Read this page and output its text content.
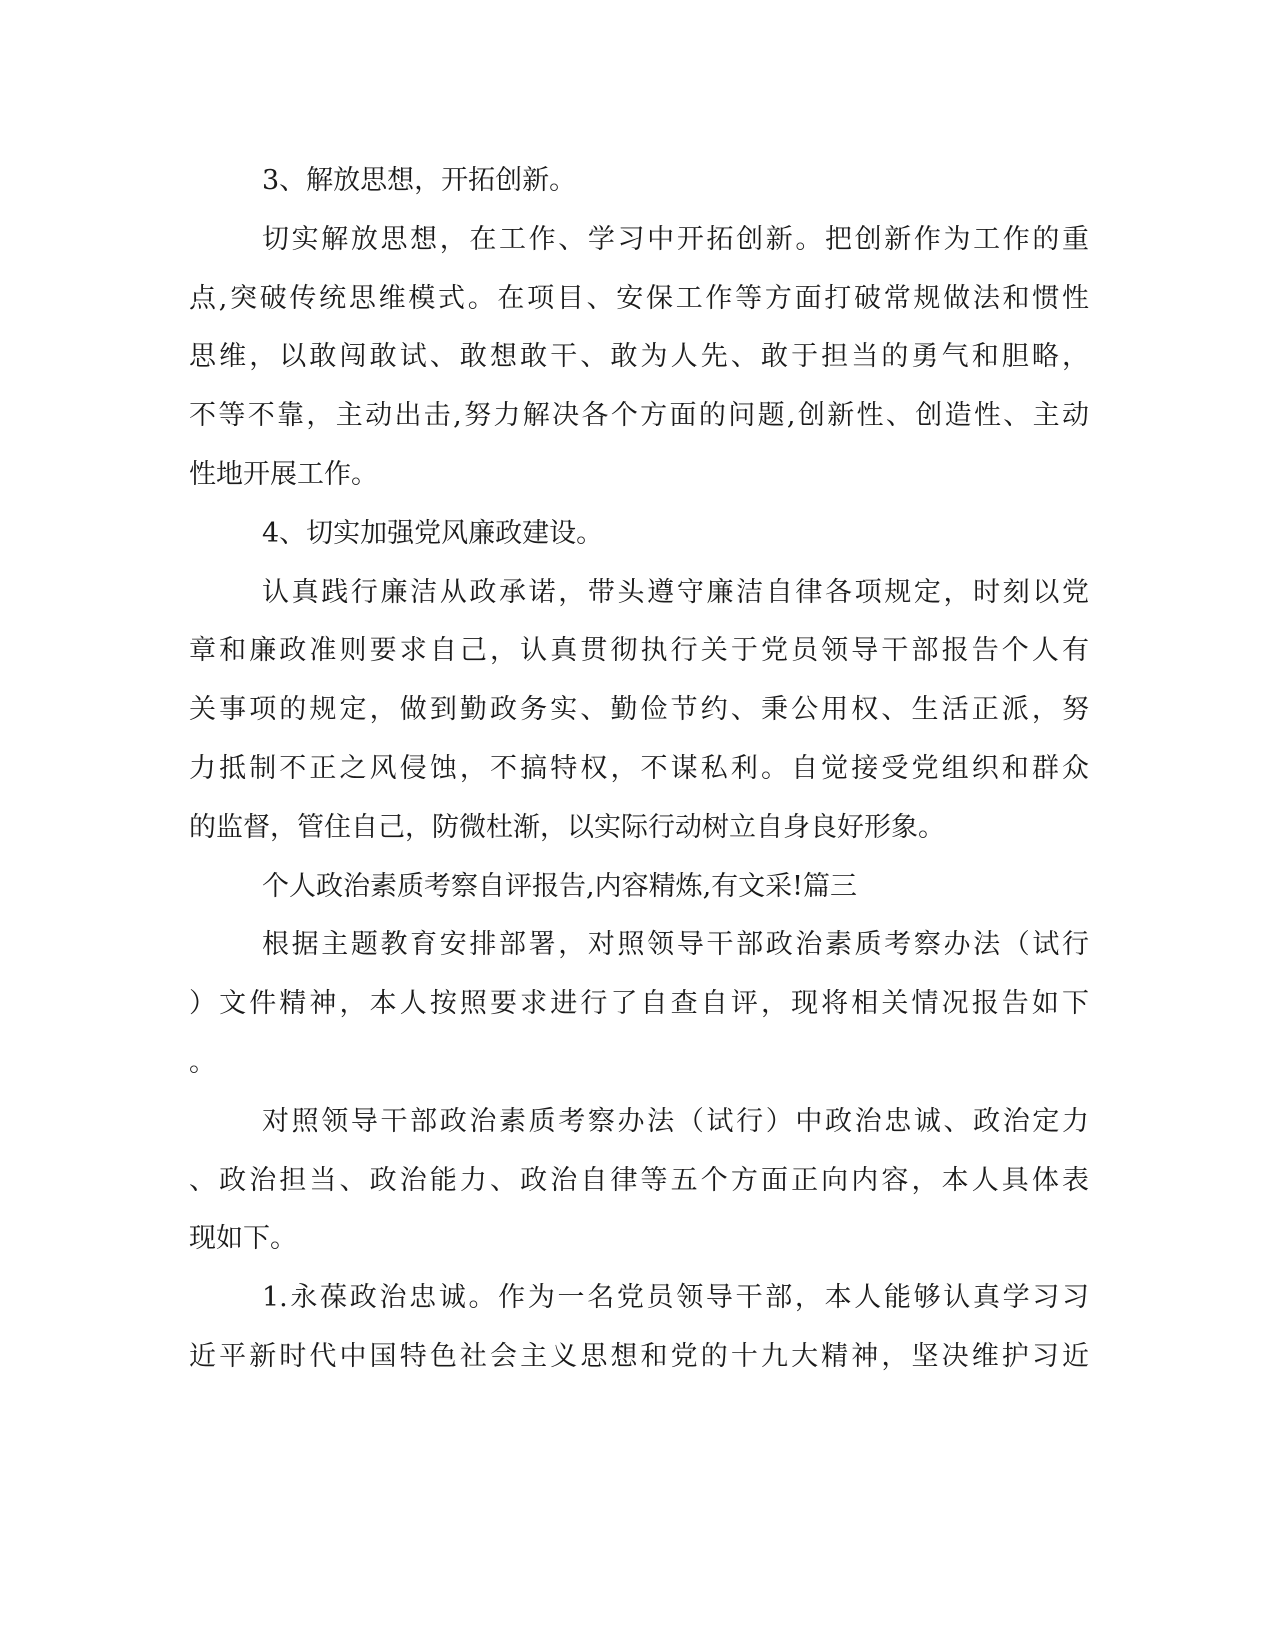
3、解放思想，开拓创新。
切实解放思想，在工作、学习中开拓创新。把创新作为工作的重
点,突破传统思维模式。在项目、安保工作等方面打破常规做法和惯性
思维，以敢闯敢试、敢想敢干、敢为人先、敢于担当的勇气和胆略，
不等不靠，主动出击,努力解决各个方面的问题,创新性、创造性、主动
性地开展工作。
4、切实加强党风廉政建设。
认真践行廉洁从政承诺，带头遵守廉洁自律各项规定，时刻以党
章和廉政准则要求自己，认真贯彻执行关于党员领导干部报告个人有
关事项的规定，做到勤政务实、勤俭节约、秉公用权、生活正派，努
力抵制不正之风侵蚀，不搞特权，不谋私利。自觉接受党组织和群众
的监督，管住自己，防微杜渐，以实际行动树立自身良好形象。
个人政治素质考察自评报告,内容精炼,有文采!篇三
根据主题教育安排部署，对照领导干部政治素质考察办法（试行
）文件精神，本人按照要求进行了自查自评，现将相关情况报告如下
。
对照领导干部政治素质考察办法（试行）中政治忠诚、政治定力
、政治担当、政治能力、政治自律等五个方面正向内容，本人具体表
现如下。
1.永葆政治忠诚。作为一名党员领导干部，本人能够认真学习习
近平新时代中国特色社会主义思想和党的十九大精神，坚决维护习近
